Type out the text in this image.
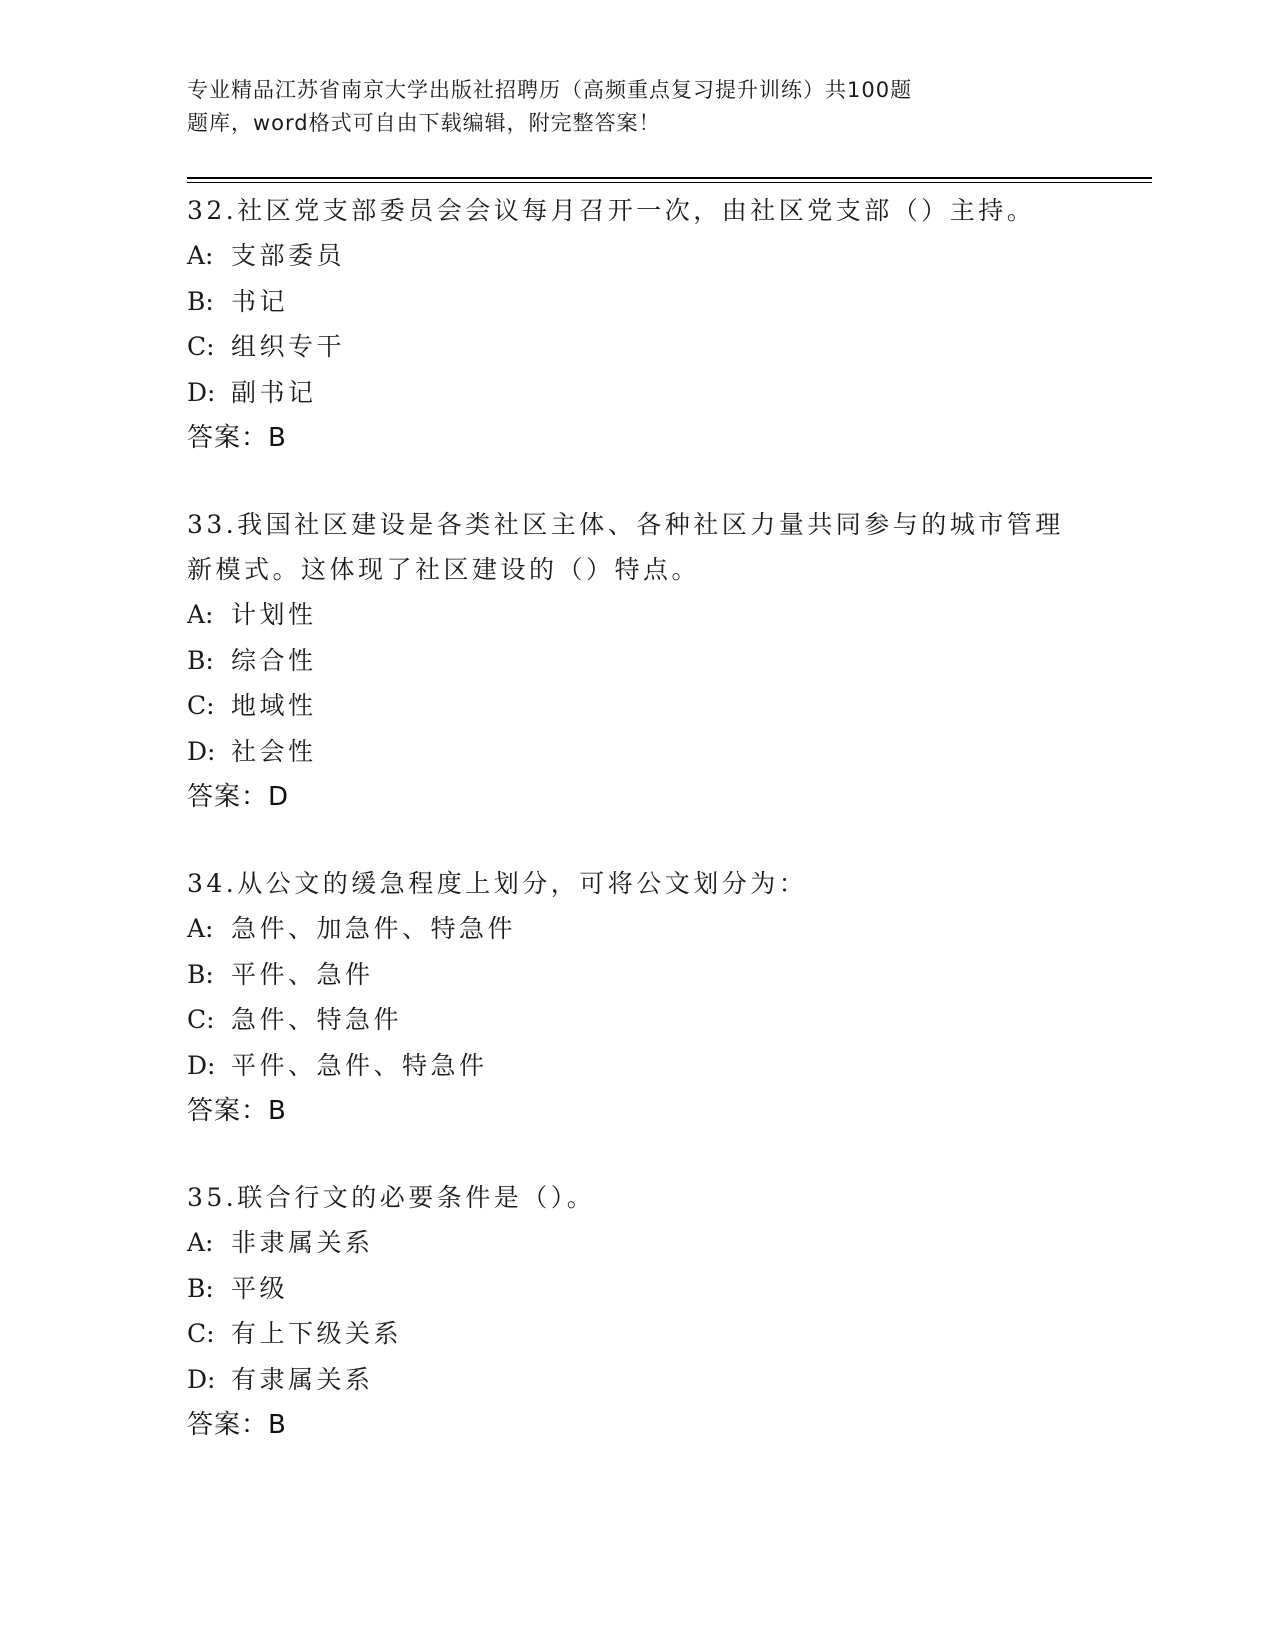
专业精品江苏省南京大学出版社招聘历（高频重点复习提升训练）共100题
题库，word格式可自由下载编辑，附完整答案！
32.社区党支部委员会会议每月召开一次，由社区党支部（）主持。
A: 支部委员
B: 书记
C: 组织专干
D: 副书记
答案：B
33.我国社区建设是各类社区主体、各种社区力量共同参与的城市管理
新模式。这体现了社区建设的（）特点。
A: 计划性
B: 综合性
C: 地域性
D: 社会性
答案：D
34.从公文的缓急程度上划分，可将公文划分为：
A: 急件、加急件、特急件
B: 平件、急件
C: 急件、特急件
D: 平件、急件、特急件
答案：B
35.联合行文的必要条件是（）。
A: 非隶属关系
B: 平级
C: 有上下级关系
D: 有隶属关系
答案：B
